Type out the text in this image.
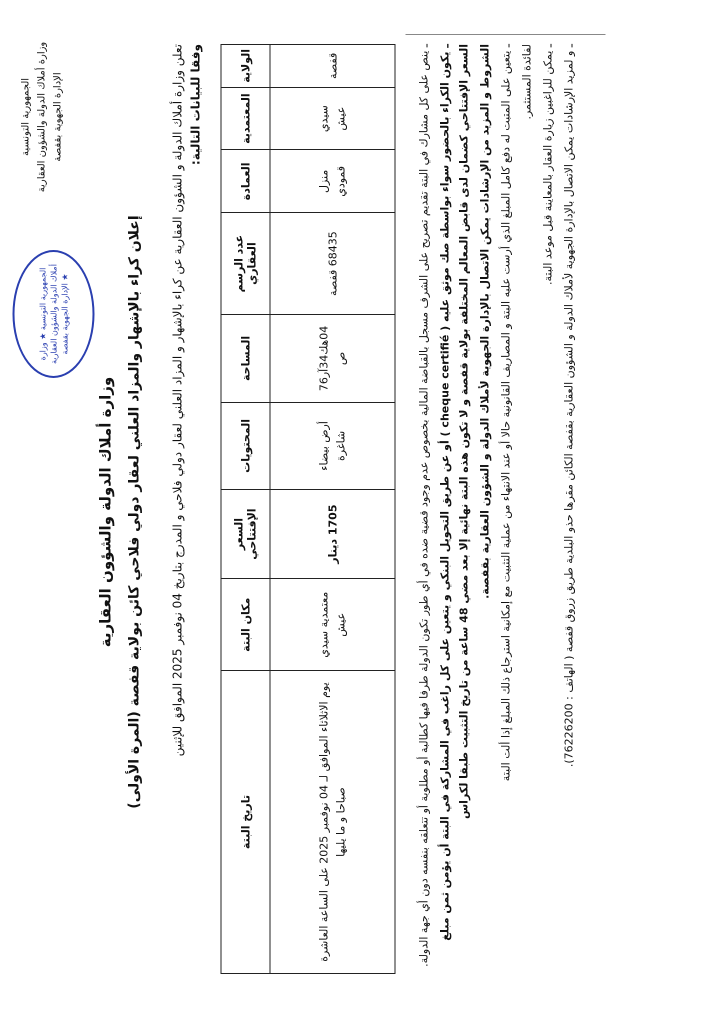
الجمهورية التونسية وزارة أملاك الدولة والشؤون العقارية الإدارة الجهوية بقفصة
الجمهورية التونسية ★ وزارة أملاك الدولة والشؤون العقارية ★ الإدارة الجهوية بقفصة
وزارة أملاك الدولة والشؤون العقارية إعلان كراء بالإشهار والمزاد العلني لعقار دولي فلاحي كائن بولاية قفصة (المرة الأولى) تعلن وزارة أملاك الدولة و الشؤون العقارية عن كراء بالإشهار و المزاد العلني لعقار دولي فلاحي و المدرج بتاريخ 04 نوفمبر 2025 الموافق للإثنين وفقا للبيانات التالية:	الولاية	المعتمدية	العمادة	عدد الرسم العقاري	المساحة	المحتويات	السعر الإفتتاحي	مكان البتة	تاريخ البتة
قفصة	سيدي عيش	منزل قمودي	68435 قفصة	04هك34آر76 ص	أرض بيضاء شاغرة	1705 دينار	معتمدية سيدي عيش	يوم الاثلاثاء الموافق لـ 04 نوفمبر 2025 على الساعة العاشرة صباحا و ما يليها	ـ ينص على كل مشارك في البتة تقديم تصريح على الشرف مسجل بالقباضة المالية بخصوص عدم وجود قضية ضده في أي طور تكون الدولة طرفا فيها كطالبة أو مطلوبة أو تتعلقه بنفسه دون أي جهة الدولة. ـ يكون الكراء بالحضور سواء بواسطة صك موثق عليه ( cheque certifié ) أو عن طريق التحويل البنكي و يتعين على كل راغب في المشاركة في البتة أن يؤمن ثمن مبلغ السعر الإفتتاحي كضمان لدى قابض المعالم المختلفة بولاية قفصة و لا تكون هذه البتة نهائية إلا بعد مضي 48 ساعة من تاريخ التثبيت طبقا لكراس الشروط و المزيد من الإرشادات يمكن الاتصال بالإدارة الجهوية لأملاك الدولة و الشؤون العقارية بقفصة. ـ يتعين على المتبت له دفع كامل المبلغ الذي أرست عليه البتة و المصاريف القانونية حالا أو عند الانتهاء من عملية التثبيت مع إمكانية استرجاع ذلك المبلغ إذا ألت البتة لفائدة المستثمر. ـ يمكن للراغبين زيارة العقار بالمعاينة قبل موعد البتة.
ـ و لمزيد الإرشادات يمكن الاتصال بالإدارة الجهوية لأملاك الدولة و الشؤون العقارية بقفصة الكائن مقرها حذو البلدية طريق زروق قفصة ( الهاتف : 76226200).
